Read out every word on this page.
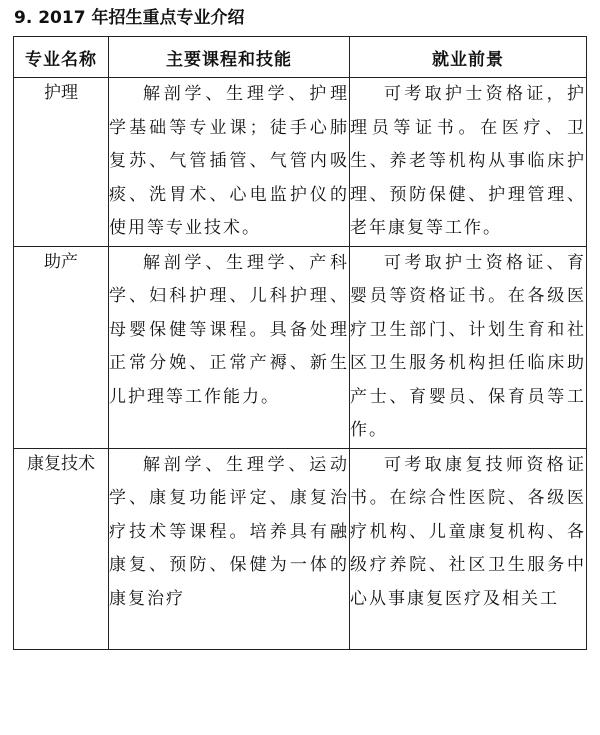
9. 2017 年招生重点专业介绍
专业名称	主要课程和技能	就业前景
护理	解剖学、生理学、护理学基础等专业课；徒手心肺复苏、气管插管、气管内吸痰、洗胃术、心电监护仪的使用等专业技术。	可考取护士资格证，护理员等证书。在医疗、卫生、养老等机构从事临床护理、预防保健、护理管理、老年康复等工作。
助产	解剖学、生理学、产科学、妇科护理、儿科护理、母婴保健等课程。具备处理正常分娩、正常产褥、新生儿护理等工作能力。	可考取护士资格证、育婴员等资格证书。在各级医疗卫生部门、计划生育和社区卫生服务机构担任临床助产士、育婴员、保育员等工作。
康复技术	解剖学、生理学、运动学、康复功能评定、康复治疗技术等课程。培养具有融康复、预防、保健为一体的康复治疗	可考取康复技师资格证书。在综合性医院、各级医疗机构、儿童康复机构、各级疗养院、社区卫生服务中心从事康复医疗及相关工
